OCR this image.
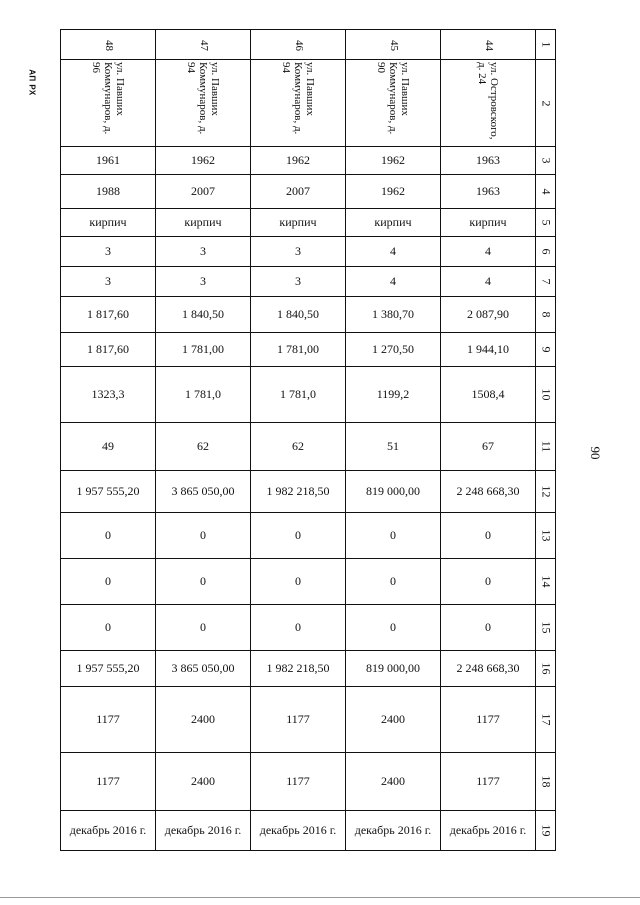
АП РХ
90
48	47	46	45	44	1

ул. Павших Коммунаров, д. 96	ул. Павших Коммунаров, д. 94	ул. Павших Коммунаров, д. 94	ул. Павших Коммунаров, д. 90	ул. Островского, д. 24	2
1961	1962	1962	1962	1963	3
1988	2007	2007	1962	1963	4
кирпич	кирпич	кирпич	кирпич	кирпич	5
3	3	3	4	4	6
3	3	3	4	4	7
1 817,60	1 840,50	1 840,50	1 380,70	2 087,90	8
1 817,60	1 781,00	1 781,00	1 270,50	1 944,10	9
1323,3	1 781,0	1 781,0	1199,2	1508,4	10
49	62	62	51	67	11
1 957 555,20	3 865 050,00	1 982 218,50	819 000,00	2 248 668,30	12
0	0	0	0	0	13
0	0	0	0	0	14
0	0	0	0	0	15
1 957 555,20	3 865 050,00	1 982 218,50	819 000,00	2 248 668,30	16
1177	2400	1177	2400	1177	17
1177	2400	1177	2400	1177	18
декабрь 2016 г.	декабрь 2016 г.	декабрь 2016 г.	декабрь 2016 г.	декабрь 2016 г.	19
